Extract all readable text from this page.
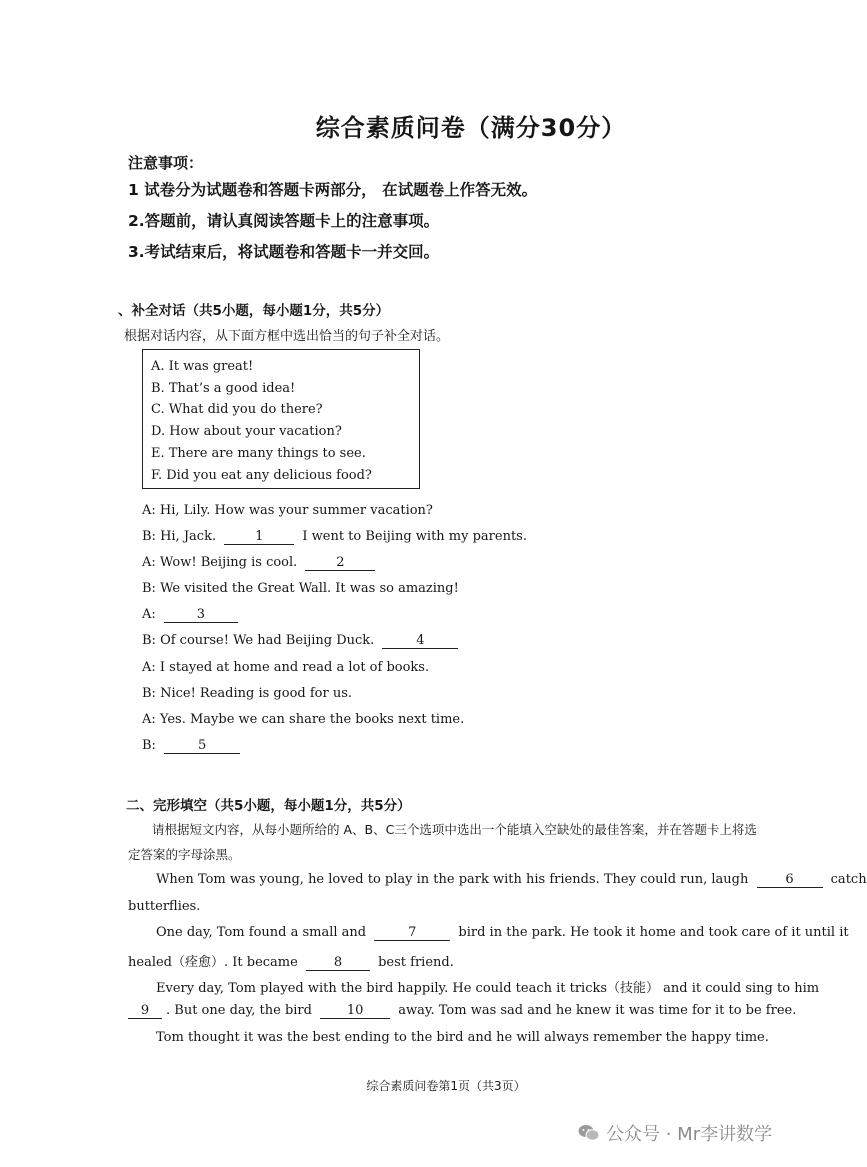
综合素质问卷（满分30分）
注意事项：
1 试卷分为试题卷和答题卡两部分， 在试题卷上作答无效。
2.答题前，请认真阅读答题卡上的注意事项。
3.考试结束后，将试题卷和答题卡一并交回。
、补全对话（共5小题，每小题1分，共5分）
根据对话内容，从下面方框中选出恰当的句子补全对话。
A. It was great!
B. That’s a good idea!
C. What did you do there?
D. How about your vacation?
E. There are many things to see.
F. Did you eat any delicious food?
A: Hi, Lily. How was your summer vacation?
B: Hi, Jack.	1	I went to Beijing with my parents.
A: Wow! Beijing is cool.	2
B: We visited the Great Wall. It was so amazing!
A:	3
B: Of course! We had Beijing Duck.	4
A: I stayed at home and read a lot of books.
B: Nice! Reading is good for us.
A: Yes. Maybe we can share the books next time.
B:	5
二、完形填空（共5小题，每小题1分，共5分）
请根据短文内容，从每小题所给的 A、B、C三个选项中选出一个能填入空缺处的最佳答案，并在答题卡上将选
定答案的字母涂黑。
When Tom was young, he loved to play in the park with his friends. They could run, laugh	6	catch
butterflies.
One day, Tom found a small and	7	bird in the park. He took it home and took care of it until it
healed（痊愈）. It became	8	best friend.
Every day, Tom played with the bird happily. He could teach it tricks（技能） and it could sing to him
9 . But one day, the bird	10	away. Tom was sad and he knew it was time for it to be free.
Tom thought it was the best ending to the bird and he will always remember the happy time.
综合素质问卷第1页（共3页）
公众号 · Mr李讲数学
